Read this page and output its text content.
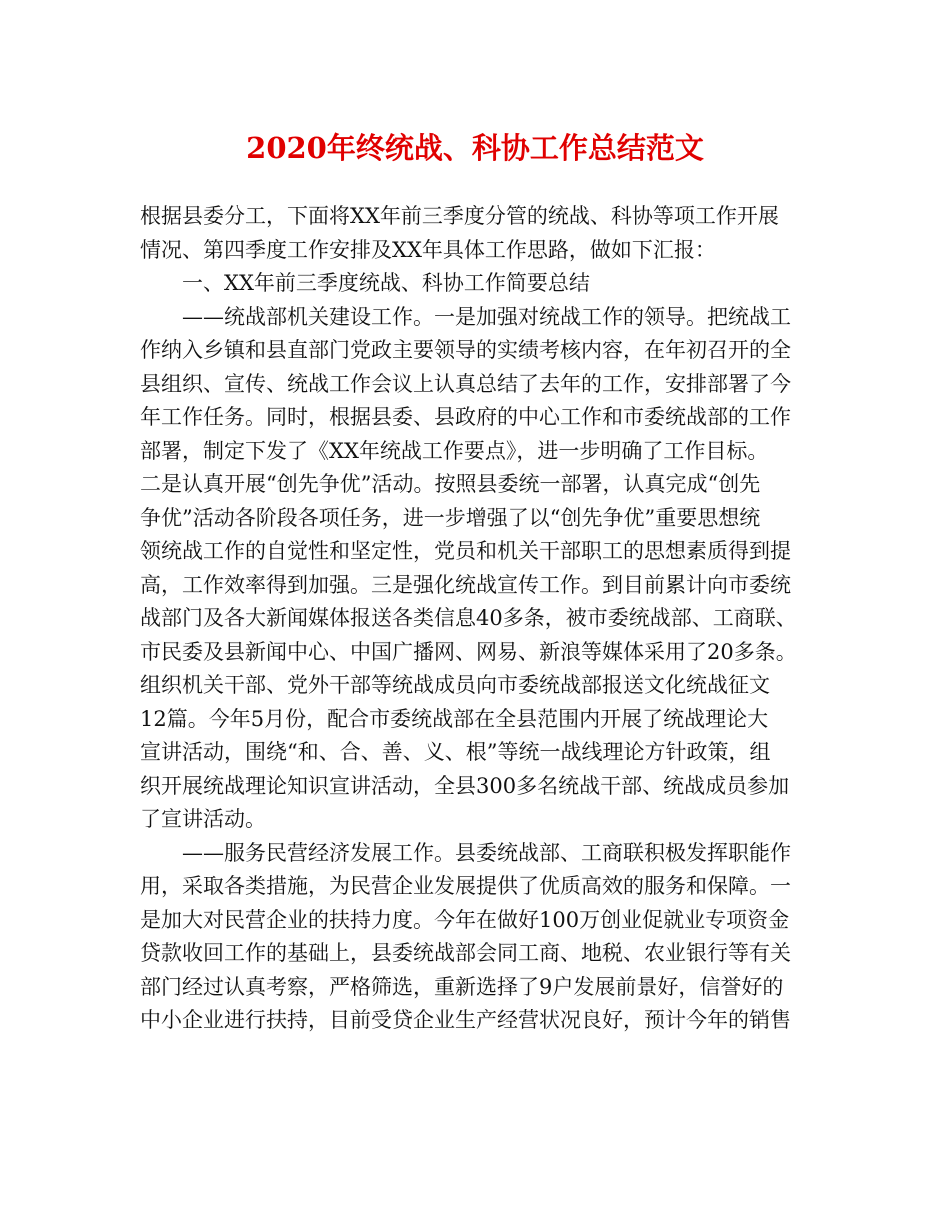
2020年终统战、科协工作总结范文
根据县委分工，下面将XX年前三季度分管的统战、科协等项工作开展
情况、第四季度工作安排及XX年具体工作思路，做如下汇报：
　　一、XX年前三季度统战、科协工作简要总结
　　——统战部机关建设工作。一是加强对统战工作的领导。把统战工
作纳入乡镇和县直部门党政主要领导的实绩考核内容，在年初召开的全
县组织、宣传、统战工作会议上认真总结了去年的工作，安排部署了今
年工作任务。同时，根据县委、县政府的中心工作和市委统战部的工作
部署，制定下发了《XX年统战工作要点》，进一步明确了工作目标。
二是认真开展“创先争优”活动。按照县委统一部署，认真完成“创先
争优”活动各阶段各项任务，进一步增强了以“创先争优”重要思想统
领统战工作的自觉性和坚定性，党员和机关干部职工的思想素质得到提
高，工作效率得到加强。三是强化统战宣传工作。到目前累计向市委统
战部门及各大新闻媒体报送各类信息40多条，被市委统战部、工商联、
市民委及县新闻中心、中国广播网、网易、新浪等媒体采用了20多条。
组织机关干部、党外干部等统战成员向市委统战部报送文化统战征文
12篇。今年5月份，配合市委统战部在全县范围内开展了统战理论大
宣讲活动，围绕“和、合、善、义、根”等统一战线理论方针政策，组
织开展统战理论知识宣讲活动，全县300多名统战干部、统战成员参加
了宣讲活动。
　　——服务民营经济发展工作。县委统战部、工商联积极发挥职能作
用，采取各类措施，为民营企业发展提供了优质高效的服务和保障。一
是加大对民营企业的扶持力度。今年在做好100万创业促就业专项资金
贷款收回工作的基础上，县委统战部会同工商、地税、农业银行等有关
部门经过认真考察，严格筛选，重新选择了9户发展前景好，信誉好的
中小企业进行扶持，目前受贷企业生产经营状况良好，预计今年的销售
